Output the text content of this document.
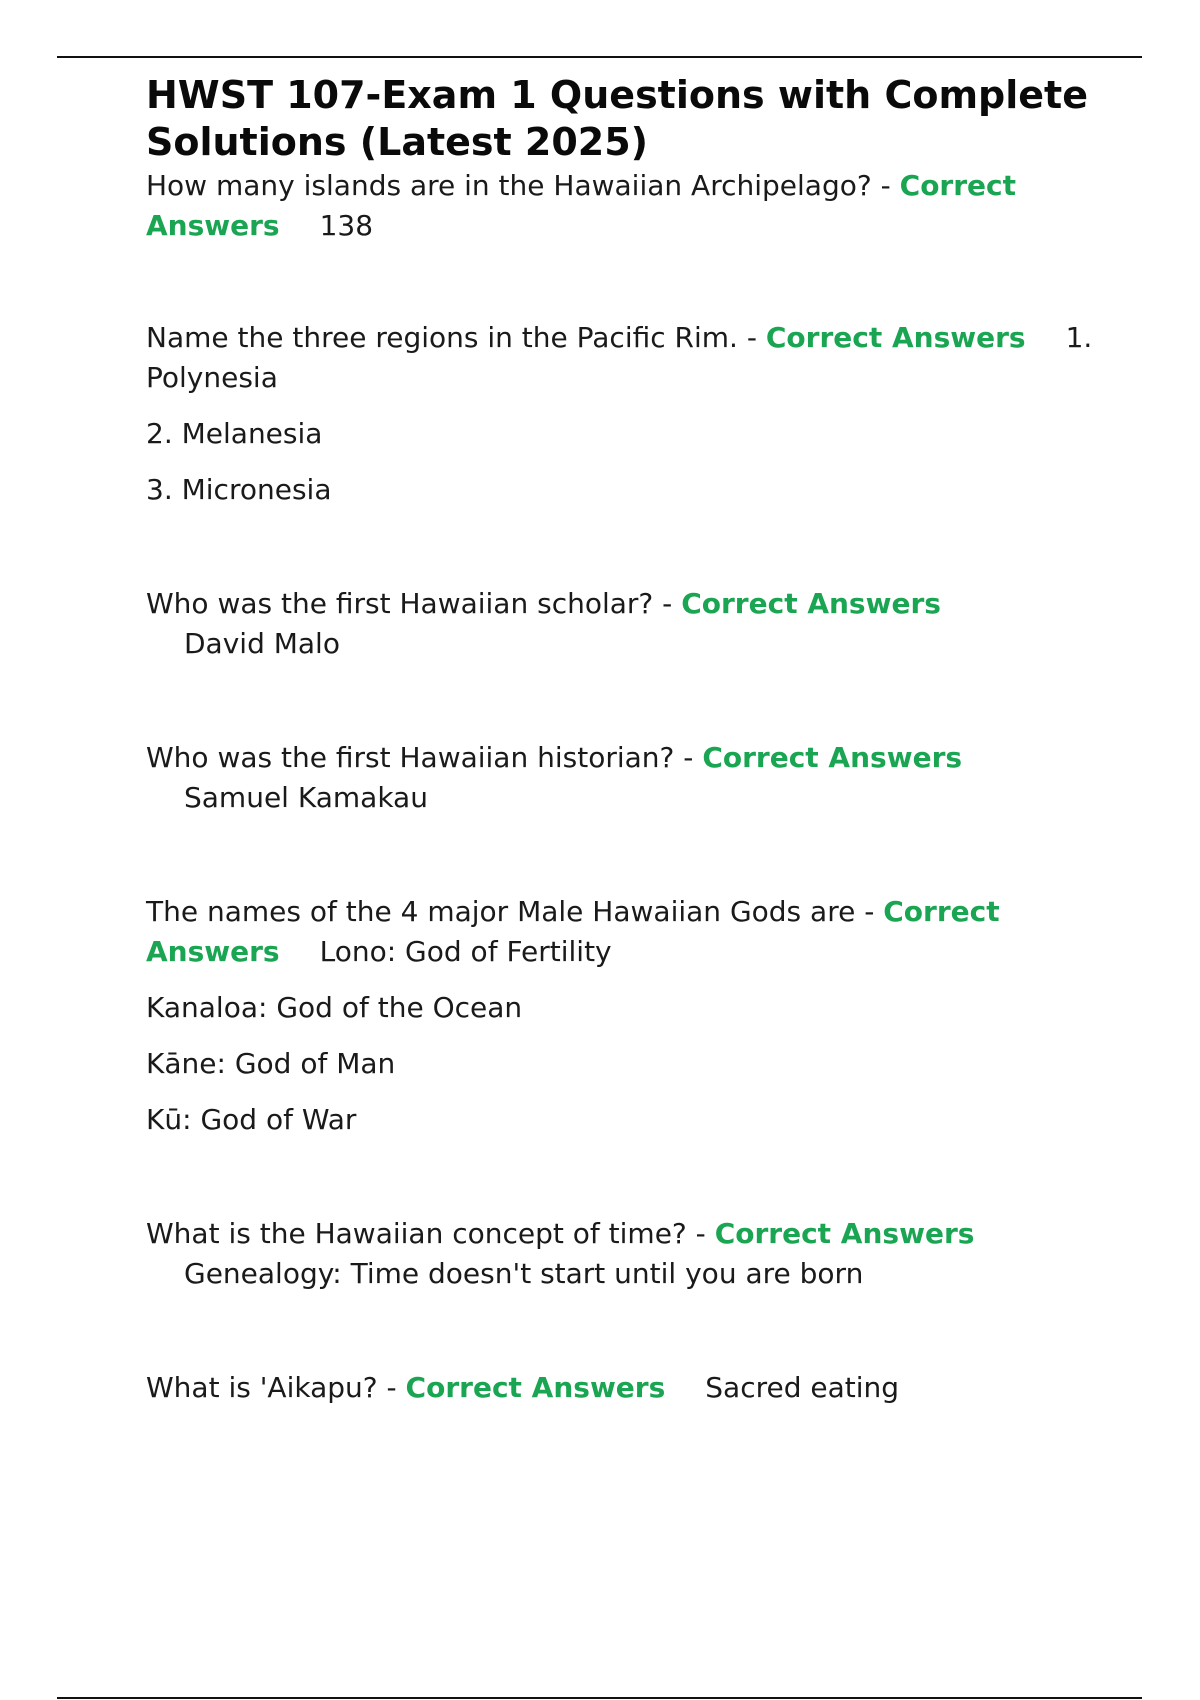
HWST 107-Exam 1 Questions with Complete Solutions (Latest 2025)

How many islands are in the Hawaiian Archipelago? - Correct Answers 138

Name the three regions in the Pacific Rim. - Correct Answers 1. Polynesia

2. Melanesia

3. Micronesia

Who was the first Hawaiian scholar? - Correct Answers

David Malo

Who was the first Hawaiian historian? - Correct Answers

Samuel Kamakau

The names of the 4 major Male Hawaiian Gods are - Correct Answers Lono: God of Fertility

Kanaloa: God of the Ocean

Kāne: God of Man

Kū: God of War

What is the Hawaiian concept of time? - Correct Answers

Genealogy: Time doesn't start until you are born

What is 'Aikapu? - Correct Answers Sacred eating
